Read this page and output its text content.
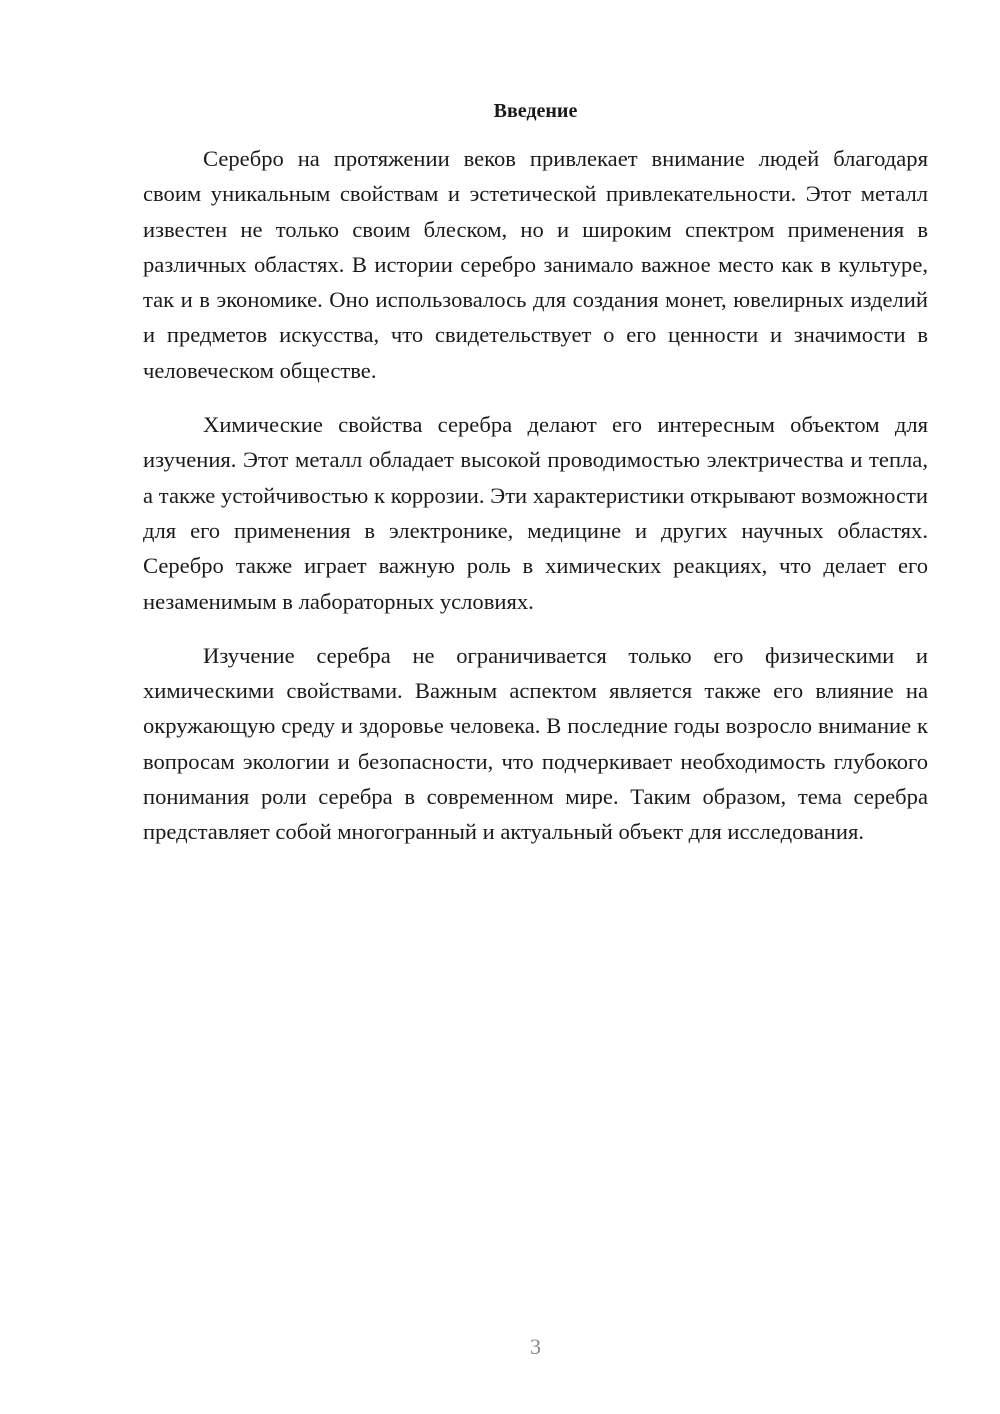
Введение

Серебро на протяжении веков привлекает внимание людей благодаря своим уникальным свойствам и эстетической привлекательности. Этот металл известен не только своим блеском, но и широким спектром применения в различных областях. В истории серебро занимало важное место как в культуре, так и в экономике. Оно использовалось для создания монет, ювелирных изделий и предметов искусства, что свидетельствует о его ценности и значимости в человеческом обществе.

Химические свойства серебра делают его интересным объектом для изучения. Этот металл обладает высокой проводимостью электричества и тепла, а также устойчивостью к коррозии. Эти характеристики открывают возможности для его применения в электронике, медицине и других научных областях. Серебро также играет важную роль в химических реакциях, что делает его незаменимым в лабораторных условиях.

Изучение серебра не ограничивается только его физическими и химическими свойствами. Важным аспектом является также его влияние на окружающую среду и здоровье человека. В последние годы возросло внимание к вопросам экологии и безопасности, что подчеркивает необходимость глубокого понимания роли серебра в современном мире. Таким образом, тема серебра представляет собой многогранный и актуальный объект для исследования.

3
